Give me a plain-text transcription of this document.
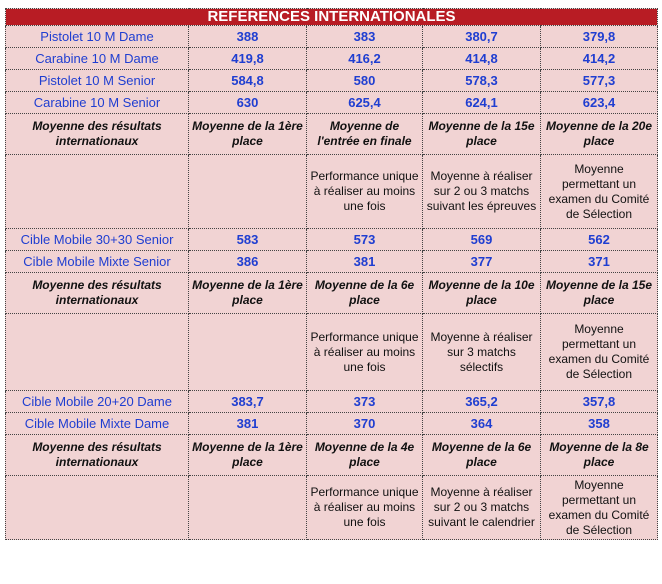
REFERENCES INTERNATIONALES				
Pistolet 10 M Dame	388	383	380,7	379,8
Carabine 10 M Dame	419,8	416,2	414,8	414,2
Pistolet 10 M Senior	584,8	580	578,3	577,3
Carabine 10 M Senior	630	625,4	624,1	623,4
Moyenne des résultats internationaux	Moyenne de la 1ère place	Moyenne de l'entrée en finale	Moyenne de la 15e place	Moyenne de la 20e place
		Performance unique à réaliser au moins une fois	Moyenne à réaliser sur 2 ou 3 matchs suivant les épreuves	Moyenne permettant un examen du Comité de Sélection
Cible Mobile 30+30 Senior	583	573	569	562
Cible Mobile Mixte Senior	386	381	377	371
Moyenne des résultats internationaux	Moyenne de la 1ère place	Moyenne de la 6e place	Moyenne de la 10e place	Moyenne de la 15e place
		Performance unique à réaliser au moins une fois	Moyenne à réaliser sur 3 matchs sélectifs	Moyenne permettant un examen du Comité de Sélection
Cible Mobile 20+20 Dame	383,7	373	365,2	357,8
Cible Mobile Mixte Dame	381	370	364	358
Moyenne des résultats internationaux	Moyenne de la 1ère place	Moyenne de la 4e place	Moyenne de la 6e place	Moyenne de la 8e place
		Performance unique à réaliser au moins une fois	Moyenne à réaliser sur 2 ou 3 matchs suivant le calendrier	Moyenne permettant un examen du Comité de Sélection
